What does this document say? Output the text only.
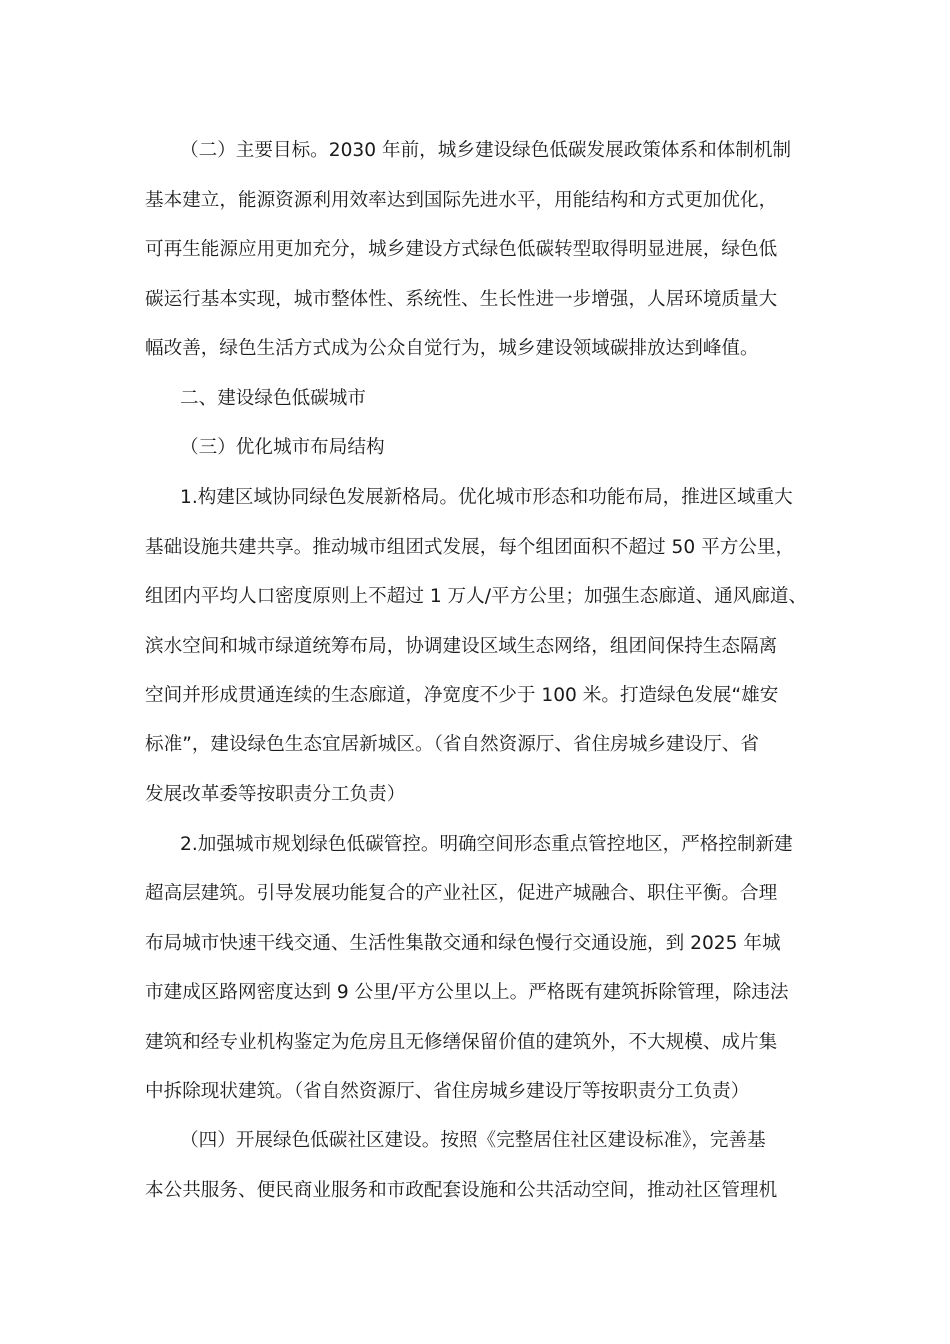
（二）主要目标。2030 年前，城乡建设绿色低碳发展政策体系和体制机制
基本建立，能源资源利用效率达到国际先进水平，用能结构和方式更加优化，
可再生能源应用更加充分，城乡建设方式绿色低碳转型取得明显进展，绿色低
碳运行基本实现，城市整体性、系统性、生长性进一步增强，人居环境质量大
幅改善，绿色生活方式成为公众自觉行为，城乡建设领域碳排放达到峰值。
二、建设绿色低碳城市
（三）优化城市布局结构
1.构建区域协同绿色发展新格局。优化城市形态和功能布局，推进区域重大
基础设施共建共享。推动城市组团式发展，每个组团面积不超过 50 平方公里，
组团内平均人口密度原则上不超过 1 万人/平方公里；加强生态廊道、通风廊道、
滨水空间和城市绿道统筹布局，协调建设区域生态网络，组团间保持生态隔离
空间并形成贯通连续的生态廊道，净宽度不少于 100 米。打造绿色发展“雄安
标准”，建设绿色生态宜居新城区。（省自然资源厅、省住房城乡建设厅、省
发展改革委等按职责分工负责）
2.加强城市规划绿色低碳管控。明确空间形态重点管控地区，严格控制新建
超高层建筑。引导发展功能复合的产业社区，促进产城融合、职住平衡。合理
布局城市快速干线交通、生活性集散交通和绿色慢行交通设施，到 2025 年城
市建成区路网密度达到 9 公里/平方公里以上。严格既有建筑拆除管理，除违法
建筑和经专业机构鉴定为危房且无修缮保留价值的建筑外，不大规模、成片集
中拆除现状建筑。（省自然资源厅、省住房城乡建设厅等按职责分工负责）
（四）开展绿色低碳社区建设。按照《完整居住社区建设标准》，完善基
本公共服务、便民商业服务和市政配套设施和公共活动空间，推动社区管理机
